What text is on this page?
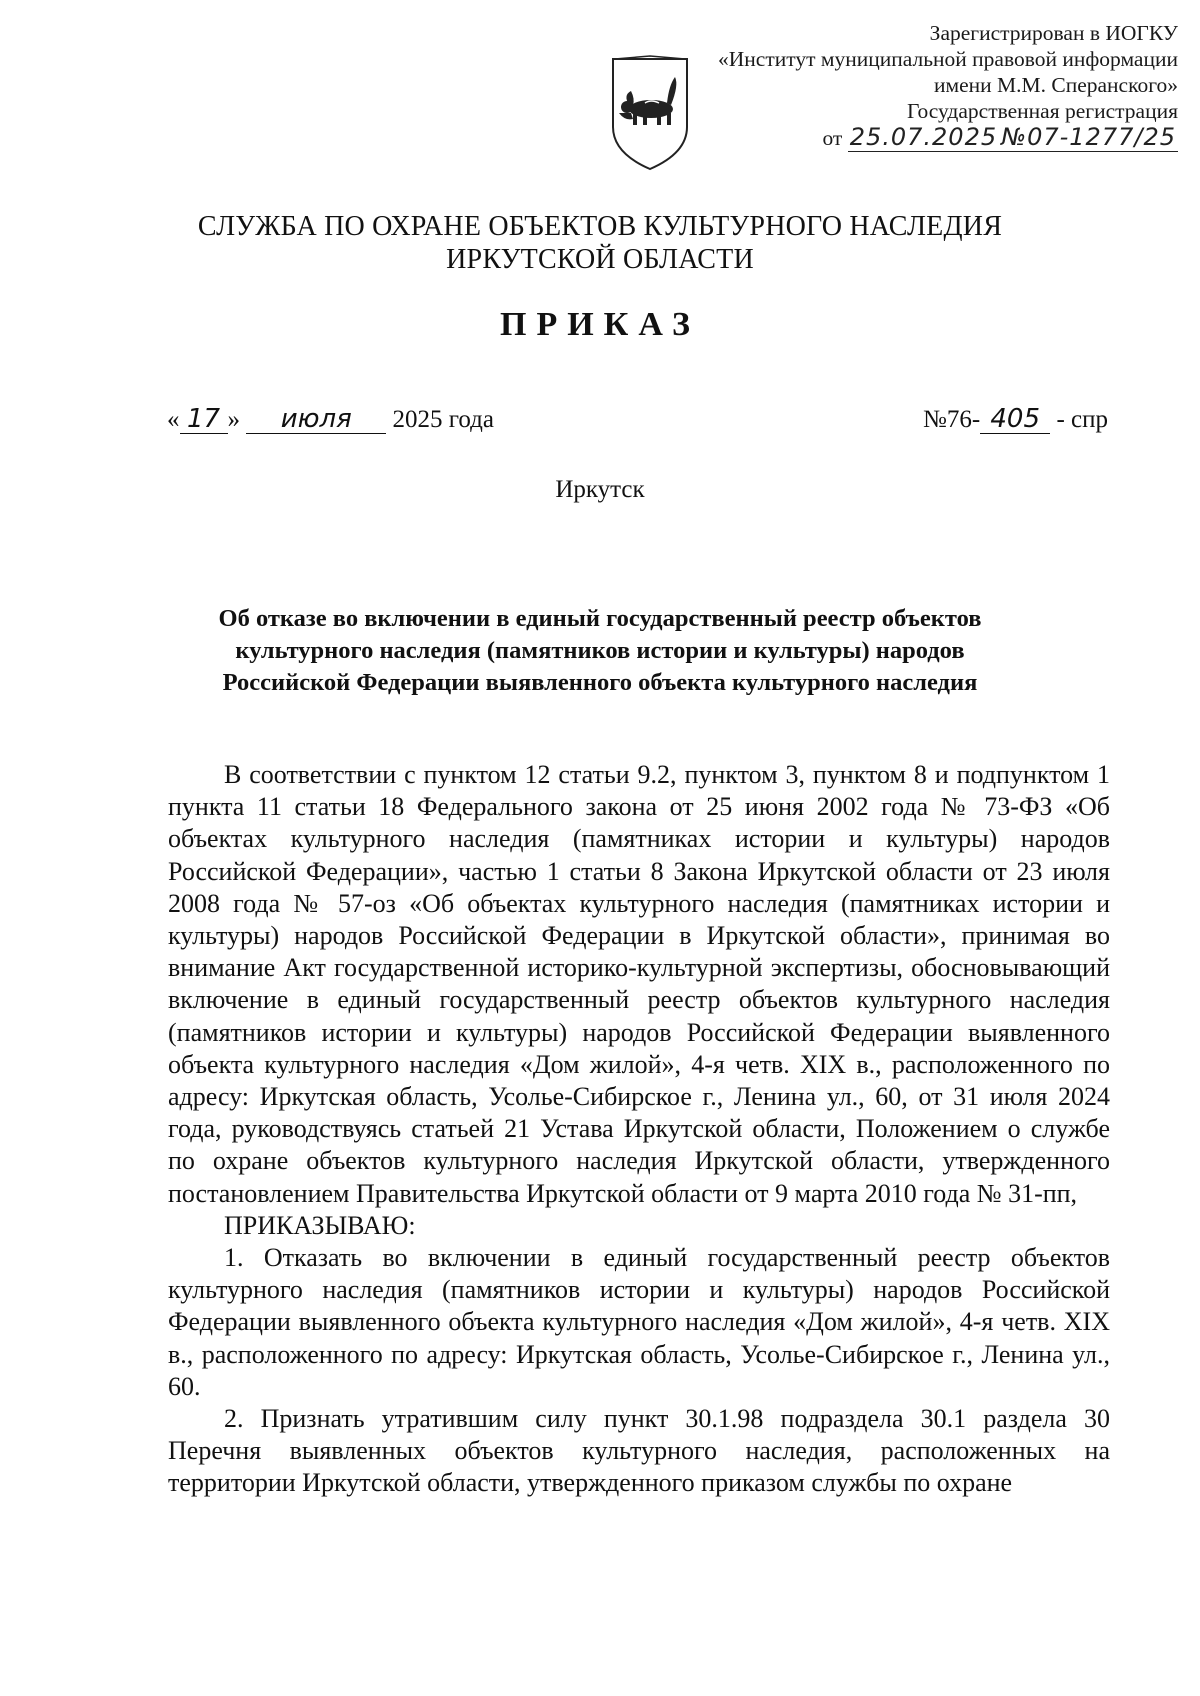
Зарегистрирован в ИОГКУ
«Институт муниципальной правовой информации
имени М.М. Сперанского»
Государственная регистрация
от 25.07.2025 №07-1277/25
СЛУЖБА ПО ОХРАНЕ ОБЪЕКТОВ КУЛЬТУРНОГО НАСЛЕДИЯ
ИРКУТСКОЙ ОБЛАСТИ
ПРИКАЗ
« 17 » июля 2025 года	№76- 405 - спр
Иркутск
Об отказе во включении в единый государственный реестр объектов
культурного наследия (памятников истории и культуры) народов
Российской Федерации выявленного объекта культурного наследия

В соответствии с пунктом 12 статьи 9.2, пунктом 3, пунктом 8 и подпунктом 1 пункта 11 статьи 18 Федерального закона от 25 июня 2002 года № 73-ФЗ «Об объектах культурного наследия (памятниках истории и культуры) народов Российской Федерации», частью 1 статьи 8 Закона Иркутской области от 23 июля 2008 года № 57-оз «Об объектах культурного наследия (памятниках истории и культуры) народов Российской Федерации в Иркутской области», принимая во внимание Акт государственной историко-культурной экспертизы, обосновывающий включение в единый государственный реестр объектов культурного наследия (памятников истории и культуры) народов Российской Федерации выявленного объекта культурного наследия «Дом жилой», 4-я четв. XIX в., расположенного по адресу: Иркутская область, Усолье-Сибирское г., Ленина ул., 60, от 31 июля 2024 года, руководствуясь статьей 21 Устава Иркутской области, Положением о службе по охране объектов культурного наследия Иркутской области, утвержденного постановлением Правительства Иркутской области от 9 марта 2010 года № 31-пп,

ПРИКАЗЫВАЮ:

1. Отказать во включении в единый государственный реестр объектов культурного наследия (памятников истории и культуры) народов Российской Федерации выявленного объекта культурного наследия «Дом жилой», 4-я четв. XIX в., расположенного по адресу: Иркутская область, Усолье-Сибирское г., Ленина ул., 60.

2. Признать утратившим силу пункт 30.1.98 подраздела 30.1 раздела 30 Перечня выявленных объектов культурного наследия, расположенных на территории Иркутской области, утвержденного приказом службы по охране
